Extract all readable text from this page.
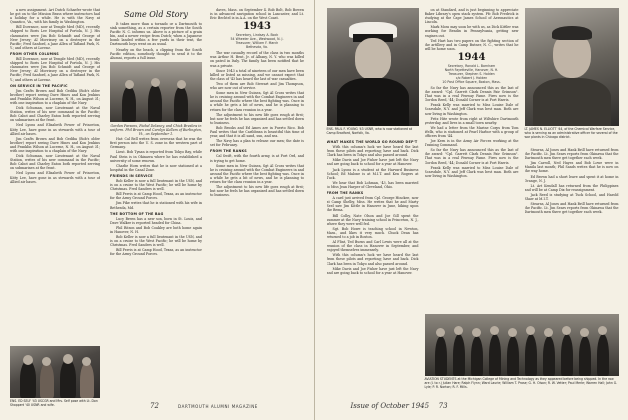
a new assignment. Art Dutch Schaefer wrote that he got on to the Mission Brass where instructors had a holiday for a while. He is with the Navy at Quantico, Va., with his family in Washington.

Bill Dorrance, now at Temple Med (MD), recently shipped to Boris Lee Hospital of Portola, N. J. His classmates were Jim Bob Schmidt and George of New Jersey; Al Morrissey on a destroyer in the Pacific; Fred Sanford, a Jane Allen of Tafland Park, N. Y.; and others at Lorenz.

FROM OTHER COLUMNS

Bill Dorrance, now at Temple Med (MD), recently shipped to Boris Lee Hospital of Portola, N. J. His classmates were Jim Bob Schmidt and George of New Jersey; Al Morrissey on a destroyer in the Pacific; Fred Sanford, a Jane Allen of Tafland Park, N. Y.; and others at Lorenz.

ON SERVICE IN THE PACIFIC

Jim Crafts Brown and Bob Gediba (Bob's older brother) report seeing Dave Hines and Kon Jenkins and Franklin Wilson at Lucerne, N. H., on August 31; with one inspiration to a chaplain of the Navy.

Dick Schuman, now Lieutenant at the Naval Station, writes of his new command in the Pacific; Bob Cabot and Charley Eaton both reported serving on submarines at the front.

Ned Lyons and Elizabeth Power of Princeton, Kitty Lee, have gone in as stewards with a tour of Allied air bases.

Jim Crafts Brown and Bob Gediba (Bob's older brother) report seeing Dave Hines and Kon Jenkins and Franklin Wilson at Lucerne, N. H., on August 31; with one inspiration to a chaplain of the Navy.

Dick Schuman, now Lieutenant at the Naval Station, writes of his new command in the Pacific; Bob Cabot and Charley Eaton both reported serving on submarines at the front.

Ned Lyons and Elizabeth Power of Princeton, Kitty Lee, have gone in as stewards with a tour of Allied air bases.

ENS. ED SELF '43 USCGR and Mrs. Self pose with Lt. Don Shoppert '40 USNR and wife.
Same Old Story

It takes more than a tornado or a Dartmouth to sink something, as a certain reporter from the South Pacific N. C. informs us. Above is a picture of a grain bin, and a newer recipe from Dutch; when a Japanese bomb landed within a few yards in their tent, the Dartmouth boys went on as usual.

Nearby on the beach, a clipping from the South Pacific edition, somebody thought to send it to the Alumni, reports a full issue.

Gordon Parsons, Fiebel Delaney, and Chick Breslow in uniform. Phil Brown and Carolyn Kellam of Burlington, Vt., on September 1.

Hat: Cal Bell writes from overseas that he was the first person into the U. S. zone in the western part of Germany.

Lieut. Bob Tynan is reported from Tokyo Bay, while Paul Stein is in Okinawa where he has established a university of some renown.

Charlie Horn writes that he is now stationed at a hospital in the Canal Zone.

FRIENDS IN SERVICE

Bob Keller is now a full lieutenant in the USN, and is on a cruise to the West Pacific; he will be home by Christmas. Fred Sanders is well.

Bill Ferris is at Camp Hood, Texas, as an instructor for the Army Ground Forces.

Jim Pike writes that he is stationed with his wife in Bethesda, Md.

THE BOTTOM OF THE BAG

Lucy Breen has a new son, born in St. Louis, and Dave Walker is reported headed for China.

Phil Ritson and Bob Coakley are both home again in Hanover, N. H.

Bob Keller is now a full lieutenant in the USN, and is on a cruise to the West Pacific; he will be home by Christmas. Fred Sanders is well.

Bill Ferris is at Camp Hood, Texas, as an instructor for the Army Ground Forces.

daves, Mass. on September 4. Bob Bolt, Bob Bowen is in advanced navigation school in Lancaster, and Lt. Eric Bechtel is in A.A. on the West Coast.

1943
Secretary, Lindsay A. Bock
54 Wheeler Ave., Westwood, N. J.
Treasurer, William F. March
Bethesda, Va.

The war casualty record of the class in two months was Arthur H. Bent, Jr. of Albany, N. Y. who was killed on patrol in Italy. The family has been notified that he was a private.

Since 1943 a total of nineteen of our men have been killed or listed as missing, and we cannot expect that the class of '43 has heard the last of war casualties.

Two of them are Bob Stewart and Jim Thompson, who are now out of service.

Some men in New Guinea, Sgt Al Cross writes that he is cruising around with the Combat Engineers in and around the Pacific where the best fighting was. Once in a while he gets a bit of news, and he is planning to return for the class reunion in a year.

The adjustment to his new life goes rough at first; but now he feels he has organized and has settled down to business.

Bob Brooks and Ed Ames are in Puerto Rico. Bob Paul writes that the Caribbean is beautiful this time of year, and that it is all sand, sun, and sea.

The Navy has a plan to release our men; the date is set for February.

FROM THE RANKS

Cal Swift, with the fourth army, is at Fort Ord, and is trying to get home.

Some men in New Guinea, Sgt Al Cross writes that he is cruising around with the Combat Engineers in and around the Pacific where the best fighting was. Once in a while he gets a bit of news, and he is planning to return for the class reunion in a year.

The adjustment to his new life goes rough at first; but now he feels he has organized and has settled down to business.

72	DARTMOUTH ALUMNI MAGAZINE
ENS. PAUL F. YOUNG '43 USNR, who is now stationed at Camp Bradford, Norfolk, Va.
WHAT MAKES THE WORLD GO ROUND DEP'T

With this column's luck we have heard the last from these pilots and reporting; have and back. Dick Clark has been in Tokyo and also passed around.

Mike Davis and Joe Fisher have just left the Navy and are going back to school for a year at Hanover.

Jack Lyons is a student at the Harvard Business School; Ed Malone is at M.I.T. and Ken Rogers at Tuck.

We hear that Bob Lohman, '43, has been married to Miss Jean Harper of Cleveland, Ohio.

FROM THE RANKS

A card just arrived from Cpl. George Hinckee, now at Camp Shelby, Miss. He writes that he and Marty Seel saw Jim Kittle in Hanover in June, hiking upon the Bema.

Bill Colby, Nate Olson and Joe Gill spent the summer at the Navy training school in Princeton, N. J., where they were well fed.

Sgt. Bob Howe is teaching school in Newton, Mass., and likes it very much. Chuck Dean has returned to a job in Boston.

Al Flint, Ted Burns and Carl Lewis were all at the reunion of the class in Hanover in September, and enjoyed themselves immensely.

With this column's luck we have heard the last from these pilots and reporting; have and back. Dick Clark has been in Tokyo and also passed around.

Mike Davis and Joe Fisher have just left the Navy and are going back to school for a year at Hanover.

on at Standard, and is just beginning to appreciate Baker Library's open stack system. Pfc Bob Fredrick is studying at the Cape James School of Aeronautics at Lincoln.

Mark Moss may soon be with us, as Dick Kittler was working for Bendix in Pennsylvania, getting new engines out.

Ted Hart has two papers on the fighting section of the artillery and in Camp Butner, N. C., writes that he will be home soon.

1944
Secretary, Ronald L. Bornham
North Fayetteville, Hanover, N. H.
Treasurer, Stephen S. Holden
c/o Robert J. Holden
10 Post Office Square, Boston, Mass.

So far the Navy has announced this as the last of the award: "Cpl. Garrett Clark Dennis Fair Grimson". That was in a real Fenway Fame. Fires now is the Gordon Reed, '44; Donald Corner is at Fort Harris.

Frank Kelly was married to Miss Louise Dale of Scarsdale, N.Y. and Jeff Clark was best man. Both are now living in Washington.

Fritz Hite wrote from right at Wiltshire Dartmouth yesterday, and lives in a small town nearby.

We had a letter from the Marine Corps from Tom Wells, who is stationed at Pearl Harbor with a group of officers from '44.

Joe Kern is in the Army Air Forces working at the Training Command.

So far the Navy has announced this as the last of the award: "Cpl. Garrett Clark Dennis Fair Grimson". That was in a real Fenway Fame. Fires now is the Gordon Reed, '44; Donald Corner is at Fort Harris.

Frank Kelly was married to Miss Louise Dale of Scarsdale, N.Y. and Jeff Clark was best man. Both are now living in Washington.

LT. JAMES N. ELLIOTT '44, of the Chemical Warfare Service, who is serving as an administrative officer for several of the war plants in Chicago district.

Stearns, Al Jones and Hank Brill have returned from the Pacific. Lt. Jim Sears reports from Okinawa that the Dartmouth men there get together each week.

Jim Carroll, Ned Hayes and Bob Lowe were in Manila last month; Phil Sands writes that he is now on the way home.

Ed Brown had a short leave and spent it at home in Orange, N. J.

Lt. Art Kendall has returned from the Philippines and will be at Camp Dix for reassignment.

Jack Reed is studying at Tuck School, and Harold Shaw at M.I.T.

Stearns, Al Jones and Hank Brill have returned from the Pacific. Lt. Jim Sears reports from Okinawa that the Dartmouth men there get together each week.

AVIATION STUDENTS at the Michigan College of Mining and Technology as they appeared before being shipped. In the row are (l. to r.) Julian Hare; Ralph Flynn; Ward Laurie; William T. Prose; G. H. Olson; R. W. Vetter; Paul Merle; Warren Hall; John G. Lyle; P. R. Norton; R. F. Mills.
Issue of October 1945 73
